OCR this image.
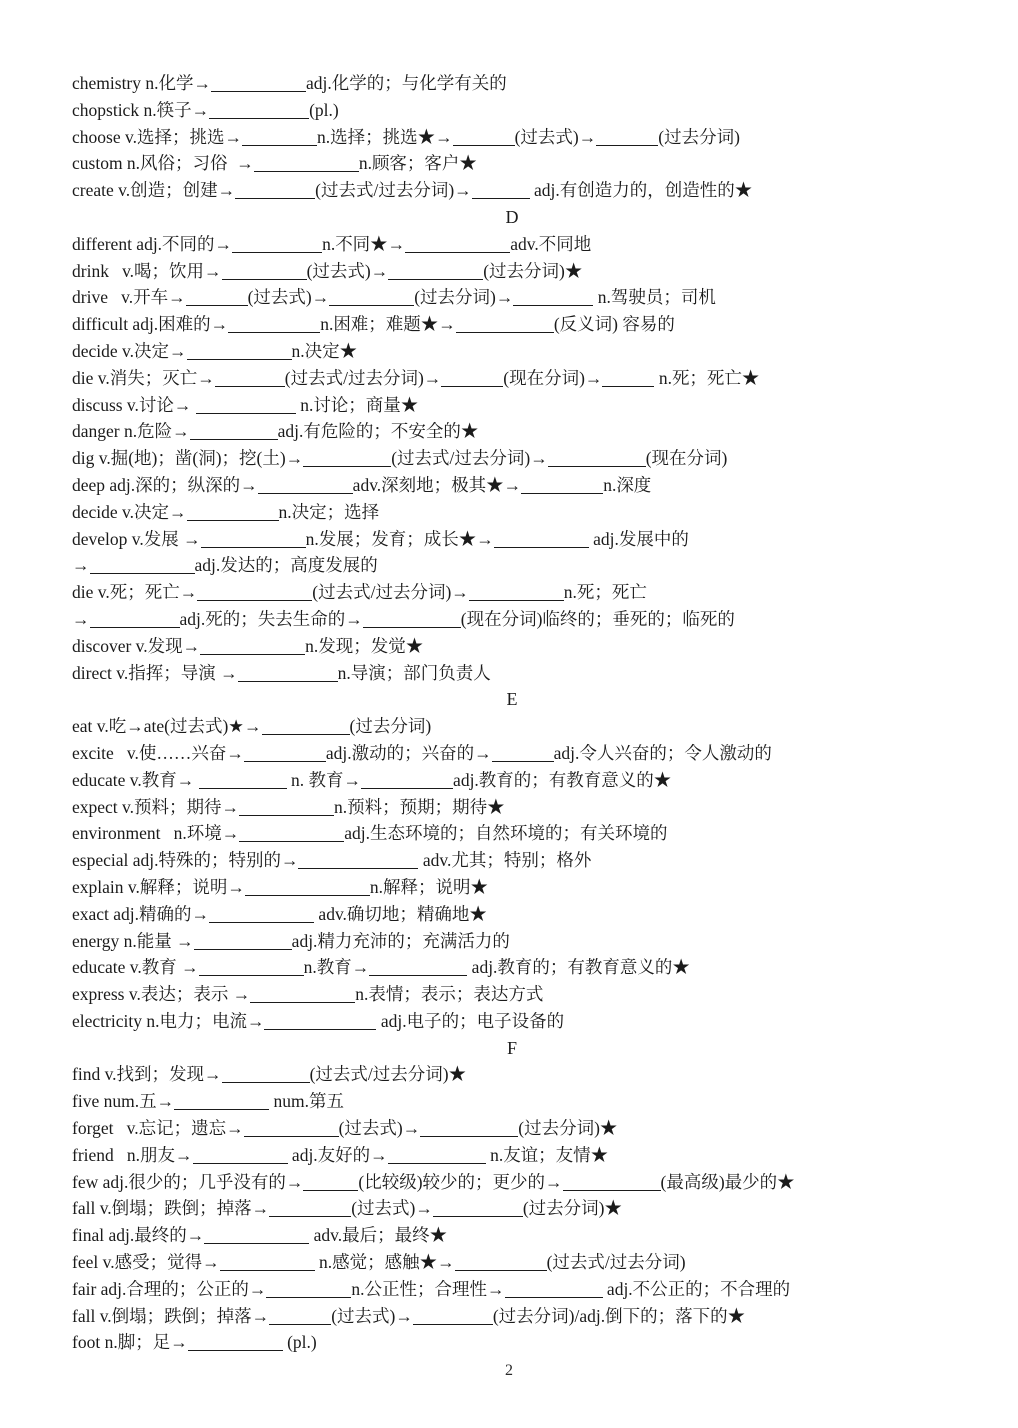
chemistry n.化学→	adj.化学的；与化学有关的
chopstick n.筷子→	(pl.)
choose v.选择；挑选→	n.选择；挑选★→	(过去式)→	(过去分词)
custom n.风俗；习俗  →	n.顾客；客户★
create v.创造；创建→	(过去式/过去分词)→	adj.有创造力的，创造性的★
D
different adj.不同的→	n.不同★→	adv.不同地
drink   v.喝；饮用→	(过去式)→	(过去分词)★
drive   v.开车→	(过去式)→	(过去分词)→	n.驾驶员；司机
difficult adj.困难的→	n.困难；难题★→	(反义词) 容易的
decide v.决定→	n.决定★
die v.消失；灭亡→	(过去式/过去分词)→	(现在分词)→	n.死；死亡★
discuss v.讨论→	n.讨论；商量★
danger n.危险→	adj.有危险的；不安全的★
dig v.掘(地)；凿(洞)；挖(土)→	(过去式/过去分词)→	(现在分词)
deep adj.深的；纵深的→	adv.深刻地；极其★→	n.深度
decide v.决定→	n.决定；选择
develop v.发展 →	n.发展；发育；成长★→	adj.发展中的
→	adj.发达的；高度发展的
die v.死；死亡→	(过去式/过去分词)→	n.死；死亡
→	adj.死的；失去生命的→	(现在分词)临终的；垂死的；临死的
discover v.发现→	n.发现；发觉★
direct v.指挥；导演 →	n.导演；部门负责人
E
eat v.吃→ate(过去式)★→	(过去分词)
excite   v.使……兴奋→	adj.激动的；兴奋的→	adj.令人兴奋的；令人激动的
educate v.教育→	n. 教育→	adj.教育的；有教育意义的★
expect v.预料；期待→	n.预料；预期；期待★
environment   n.环境→	adj.生态环境的；自然环境的；有关环境的
especial adj.特殊的；特别的→	adv.尤其；特别；格外
explain v.解释；说明→	n.解释；说明★
exact adj.精确的→	adv.确切地；精确地★
energy n.能量 →	adj.精力充沛的；充满活力的
educate v.教育 →	n.教育→	adj.教育的；有教育意义的★
express v.表达；表示 →	n.表情；表示；表达方式
electricity n.电力；电流→	adj.电子的；电子设备的
F
find v.找到；发现→	(过去式/过去分词)★
five num.五→	num.第五
forget   v.忘记；遗忘→	(过去式)→	(过去分词)★
friend   n.朋友→	adj.友好的→	n.友谊；友情★
few adj.很少的；几乎没有的→	(比较级)较少的；更少的→	(最高级)最少的★
fall v.倒塌；跌倒；掉落→	(过去式)→	(过去分词)★
final adj.最终的→	adv.最后；最终★
feel v.感受；觉得→	n.感觉；感触★→	(过去式/过去分词)
fair adj.合理的；公正的→	n.公正性；合理性→	adj.不公正的；不合理的
fall v.倒塌；跌倒；掉落→	(过去式)→	(过去分词)/adj.倒下的；落下的★
foot n.脚；足→	(pl.)
2
